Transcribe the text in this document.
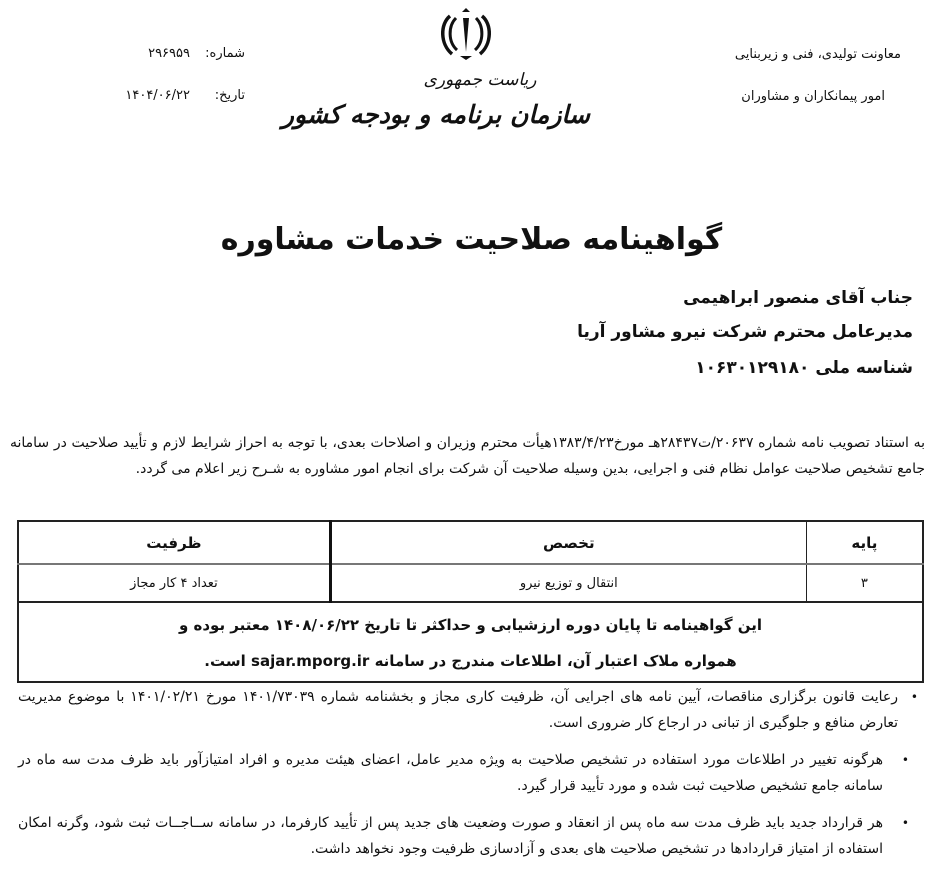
معاونت تولیدی، فنی و زیربنایی
امور پیمانکاران و مشاوران
ریاست جمهوری
سازمان برنامه و بودجه کشور
شماره:
۲۹۶۹۵۹
تاریخ:
۱۴۰۴/۰۶/۲۲
گواهینامه صلاحیت خدمات مشاوره
جناب آقای منصور ابراهیمی
مدیرعامل محترم شرکت نیرو مشاور آریا
شناسه ملی ۱۰۶۳۰۱۲۹۱۸۰
به استناد تصویب نامه شماره ۲۰۶۳۷/ت۲۸۴۳۷هـ مورخ۱۳۸۳/۴/۲۳هیأت محترم وزیران و اصلاحات بعدی، با توجه به احراز شرایط لازم و تأیید صلاحیت در سامانه جامع تشخیص صلاحیت عوامل نظام فنی و اجرایی، بدین وسیله صلاحیت آن شرکت برای انجام امور مشاوره به شـرح زیر اعلام می گردد.
پایه	تخصص	ظرفیت
۳	انتقال و توزیع نیرو	تعداد ۴ کار مجاز

این گواهینامه تا پایان دوره ارزشیابی و حداکثر تا تاریخ ۱۴۰۸/۰۶/۲۲ معتبر بوده و
همواره ملاک اعتبار آن، اطلاعات مندرج در سامانه sajar.mporg.ir است.		
•
رعایت قانون برگزاری مناقصات، آیین نامه های اجرایی آن، ظرفیت کاری مجاز و بخشنامه شماره ۱۴۰۱/۷۳۰۳۹ مورخ ۱۴۰۱/۰۲/۲۱ با موضوع مدیریت تعارض منافع و جلوگیری از تبانی در ارجاع کار ضروری است.
•
هرگونه تغییر در اطلاعات مورد استفاده در تشخیص صلاحیت به ویژه مدیر عامل، اعضای هیئت مدیره و افراد امتیازآور باید ظرف مدت سه ماه در سامانه جامع تشخیص صلاحیت ثبت شده و مورد تأیید قرار گیرد.
•
هر قرارداد جدید باید ظرف مدت سه ماه پس از انعقاد و صورت وضعیت های جدید پس از تأیید کارفرما، در سامانه ســاجــات ثبت شود، وگرنه امکان استفاده از امتیاز قراردادها در تشخیص صلاحیت های بعدی و آزادسازی ظرفیت وجود نخواهد داشت.
